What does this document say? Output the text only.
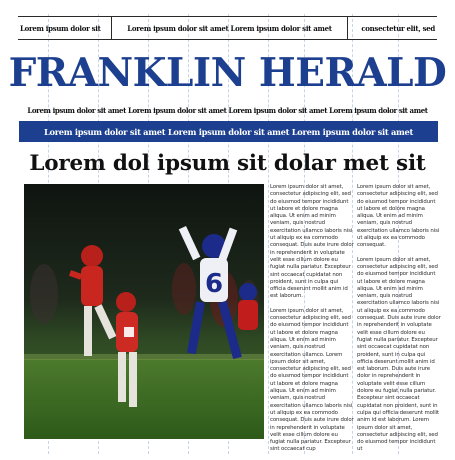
Lorem ipsum dolor sit	Lorem ipsum dolor sit amet Lorem ipsum dolor sit amet	consectetur elit, sed
FRANKLIN HERALD
Lorem ipsum dolor sit amet Lorem ipsum dolor sit amet Lorem ipsum dolor sit amet Lorem ipsum dolor sit amet
Lorem ipsum dolor sit amet Lorem ipsum dolor sit amet Lorem ipsum dolor sit amet
Lorem dol ipsum sit dolar met sit
6

Lorem ipsum dolor sit amet, consectetur adipiscing elit, sed do eiusmod tempor incididunt ut labore et dolore magna aliqua. Ut enim ad minim veniam, quis nostrud exercitation ullamco laboris nisi ut aliquip ex ea commodo consequat. Duis aute irure dolor in reprehenderit in voluptate velit esse cillum dolore eu fugiat nulla pariatur. Excepteur sint occaecat cupidatat non proident, sunt in culpa qui officia deserunt mollit anim id est laborum.

Lorem ipsum dolor sit amet, consectetur adipiscing elit, sed do eiusmod tempor incididunt ut labore et dolore magna aliqua. Ut enim ad minim veniam, quis nostrud exercitation ullamco. Lorem ipsum dolor sit amet, consectetur adipiscing elit, sed do eiusmod tempor incididunt ut labore et dolore magna aliqua. Ut enim ad minim veniam, quis nostrud exercitation ullamco laboris nisi ut aliquip ex ea commodo consequat. Duis aute irure dolor in reprehenderit in voluptate velit esse cillum dolore eu fugiat nulla pariatur. Excepteur sint occaecat cup

Lorem ipsum dolor sit amet, consectetur adipiscing elit, sed do eiusmod tempor incididunt ut labore et dolore magna aliqua. Ut enim ad minim veniam, quis nostrud exercitation ullamco laboris nisi ut aliquip ex ea commodo consequat.

Lorem ipsum dolor sit amet, consectetur adipiscing elit, sed do eiusmod tempor incididunt ut labore et dolore magna aliqua. Ut enim ad minim veniam, quis nostrud exercitation ullamco laboris nisi ut aliquip ex ea commodo consequat. Duis aute irure dolor in reprehenderit in voluptate velit esse cillum dolore eu fugiat nulla pariatur. Excepteur sint occaecat cupidatat non proident, sunt in culpa qui officia deserunt mollit anim id est laborum. Duis aute irure dolor in reprehenderit in voluptate velit esse cillum dolore eu fugiat nulla pariatur. Excepteur sint occaecat cupidatat non proident, sunt in culpa qui officia deserunt mollit anim id est laborum. Lorem ipsum dolor sit amet, consectetur adipiscing elit, sed do eiusmod tempor incididunt ut
